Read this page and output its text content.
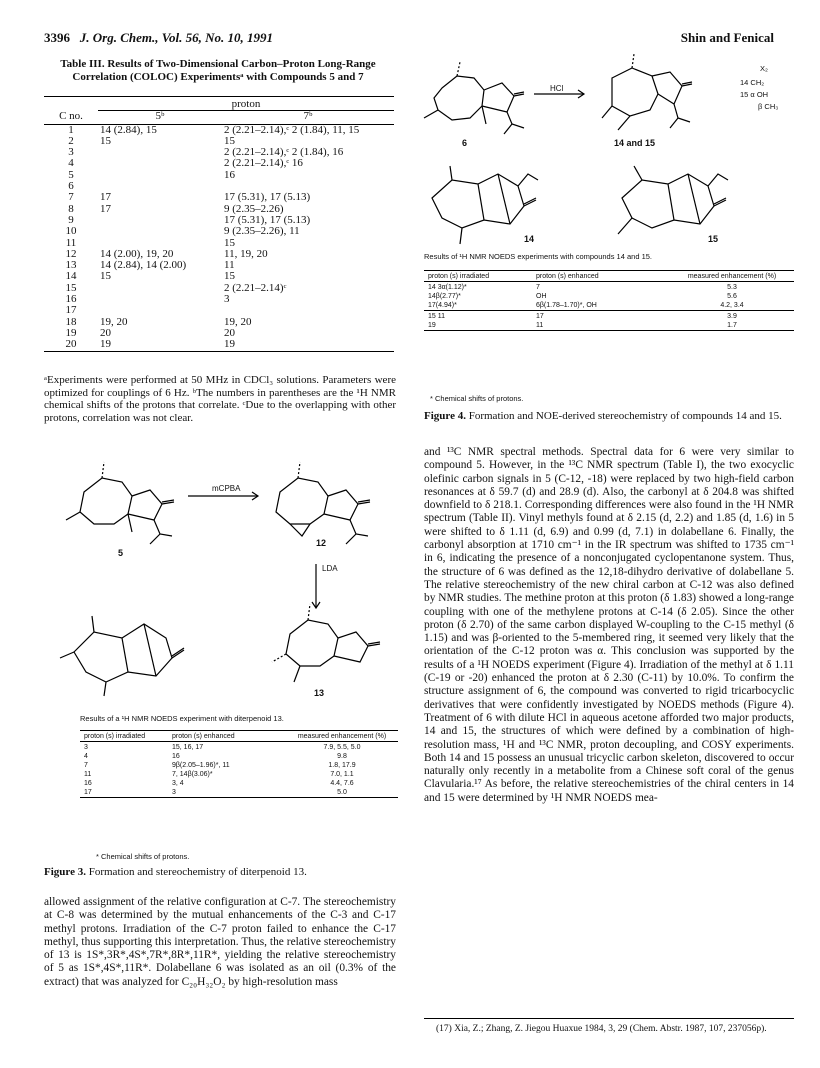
3396 J. Org. Chem., Vol. 56, No. 10, 1991	Shin and Fenical
Table III. Results of Two-Dimensional Carbon–Proton Long-Range Correlation (COLOC) Experimentsᵃ with Compounds 5 and 7

	proton	
C no.	5ᵇ	7ᵇ
1	14 (2.84), 15	2 (2.21–2.14),ᶜ 2 (1.84), 11, 15
2	15	15
3		2 (2.21–2.14),ᶜ 2 (1.84), 16
4		2 (2.21–2.14),ᶜ 16
5		16
6		
7	17	17 (5.31), 17 (5.13)
8	17	9 (2.35–2.26)
9		17 (5.31), 17 (5.13)
10		9 (2.35–2.26), 11
11		15
12	14 (2.00), 19, 20	11, 19, 20
13	14 (2.84), 14 (2.00)	11
14	15	15
15		2 (2.21–2.14)ᶜ
16		3
17		
18	19, 20	19, 20
19	20	20
20	19	19

ᵃExperiments were performed at 50 MHz in CDCl₃ solutions. Parameters were optimized for couplings of 6 Hz. ᵇThe numbers in parentheses are the ¹H NMR chemical shifts of the protons that correlate. ᶜDue to the overlapping with other protons, correlation was not clear.
6	14 and 15
14	15
HCl
X₂
14 CH₂
15 α OH
β CH₃
Results of ¹H NMR NOEDS experiments with compounds 14 and 15.

proton (s) irradiated	proton (s) enhanced	measured enhancement (%)

14 3α(1.12)*	7	5.3
14β(2.77)*	OH	5.6
17(4.94)*	6β(1.78–1.70)*, OH	4.2, 3.4

15 11	17	3.9
19	11	1.7

* Chemical shifts of protons.
Figure 4. Formation and NOE-derived stereochemistry of compounds 14 and 15.
5
12
13
mCPBA
LDA
Results of a ¹H NMR NOEDS experiment with diterpenoid 13.

proton (s) irradiated	proton (s) enhanced	measured enhancement (%)

3	15, 16, 17	7.9, 5.5, 5.0
4	16	9.8
7	9β(2.05–1.96)*, 11	1.8, 17.9
11	7, 14β(3.06)*	7.0, 1.1
16	3, 4	4.4, 7.6
17	3	5.0

* Chemical shifts of protons.
Figure 3. Formation and stereochemistry of diterpenoid 13.
allowed assignment of the relative configuration at C-7. The stereochemistry at C-8 was determined by the mutual enhancements of the C-3 and C-17 methyl protons. Irradiation of the C-7 proton failed to enhance the C-17 methyl, thus supporting this interpretation. Thus, the relative stereochemistry of 13 is 1S*,3R*,4S*,7R*,8R*,11R*, yielding the relative stereochemistry of 5 as 1S*,4S*,11R*. Dolabellane 6 was isolated as an oil (0.3% of the extract) that was analyzed for C₂₀H₃₂O₂ by high-resolution mass
and ¹³C NMR spectral methods. Spectral data for 6 were very similar to compound 5. However, in the ¹³C NMR spectrum (Table I), the two exocyclic olefinic carbon signals in 5 (C-12, -18) were replaced by two high-field carbon resonances at δ 59.7 (d) and 28.9 (d). Also, the carbonyl at δ 204.8 was shifted downfield to δ 218.1. Corresponding differences were also found in the ¹H NMR spectrum (Table II). Vinyl methyls found at δ 2.15 (d, 2.2) and 1.85 (d, 1.6) in 5 were shifted to δ 1.11 (d, 6.9) and 0.99 (d, 7.1) in dolabellane 6. Finally, the carbonyl absorption at 1710 cm⁻¹ in the IR spectrum was shifted to 1735 cm⁻¹ in 6, indicating the presence of a nonconjugated cyclopentanone system. Thus, the structure of 6 was defined as the 12,18-dihydro derivative of dolabellane 5. The relative stereochemistry of the new chiral carbon at C-12 was also defined by NMR studies. The methine proton at this proton (δ 1.83) showed a long-range coupling with one of the methylene protons at C-14 (δ 2.05). Since the other proton (δ 2.70) of the same carbon displayed W-coupling to the C-15 methyl (δ 1.15) and was β-oriented to the 5-membered ring, it seemed very likely that the orientation of the C-12 proton was α. This conclusion was supported by the results of a ¹H NOEDS experiment (Figure 4). Irradiation of the methyl at δ 1.11 (C-19 or -20) enhanced the proton at δ 2.30 (C-11) by 10.0%. To confirm the structure assignment of 6, the compound was converted to rigid tricarbocyclic derivatives that were confidently investigated by NOEDS methods (Figure 4). Treatment of 6 with dilute HCl in aqueous acetone afforded two major products, 14 and 15, the structures of which were defined by a combination of high-resolution mass, ¹H and ¹³C NMR, proton decoupling, and COSY experiments. Both 14 and 15 possess an unusual tricyclic carbon skeleton, discovered to occur naturally only recently in a metabolite from a Chinese soft coral of the genus Clavularia.¹⁷ As before, the relative stereochemistries of the chiral centers in 14 and 15 were determined by ¹H NMR NOEDS mea-
(17) Xia, Z.; Zhang, Z. Jiegou Huaxue 1984, 3, 29 (Chem. Abstr. 1987, 107, 237056p).
